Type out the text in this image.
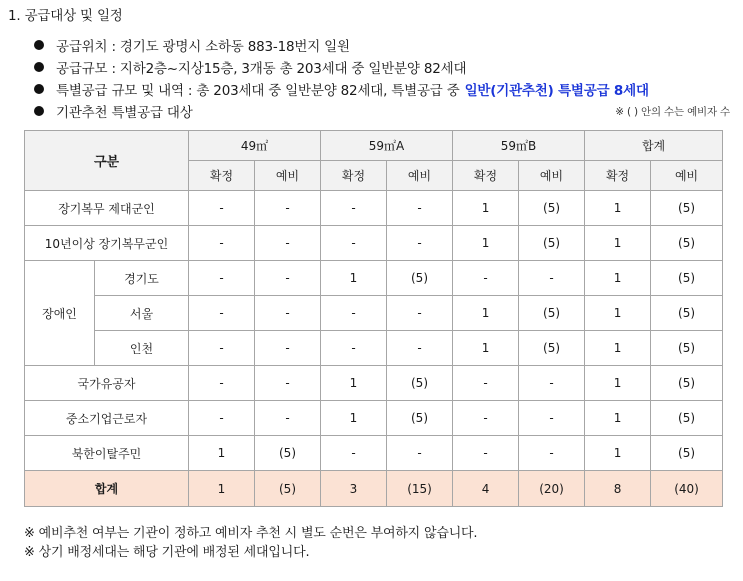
1. 공급대상 및 일정
공급위치 : 경기도 광명시 소하동 883-18번지 일원
공급규모 : 지하2층~지상15층, 3개동 총 203세대 중 일반분양 82세대
특별공급 규모 및 내역 : 총 203세대 중 일반분양 82세대, 특별공급 중 일반(기관추천) 특별공급 8세대
기관추천 특별공급 대상	※ ( ) 안의 수는 예비자 수
구분		49㎡		59㎡A		59㎡B		합계	
		확정	예비	확정	예비	확정	예비	확정	예비
장기복무 제대군인		-	-	-	-	1	(5)	1	(5)
10년이상 장기복무군인		-	-	-	-	1	(5)	1	(5)
장애인	경기도	-	-	1	(5)	-	-	1	(5)
	서울	-	-	-	-	1	(5)	1	(5)
	인천	-	-	-	-	1	(5)	1	(5)
국가유공자		-	-	1	(5)	-	-	1	(5)
중소기업근로자		-	-	1	(5)	-	-	1	(5)
북한이탈주민		1	(5)	-	-	-	-	1	(5)
합계		1	(5)	3	(15)	4	(20)	8	(40)
※ 예비추천 여부는 기관이 정하고 예비자 추천 시 별도 순번은 부여하지 않습니다.
※ 상기 배정세대는 해당 기관에 배정된 세대입니다.
